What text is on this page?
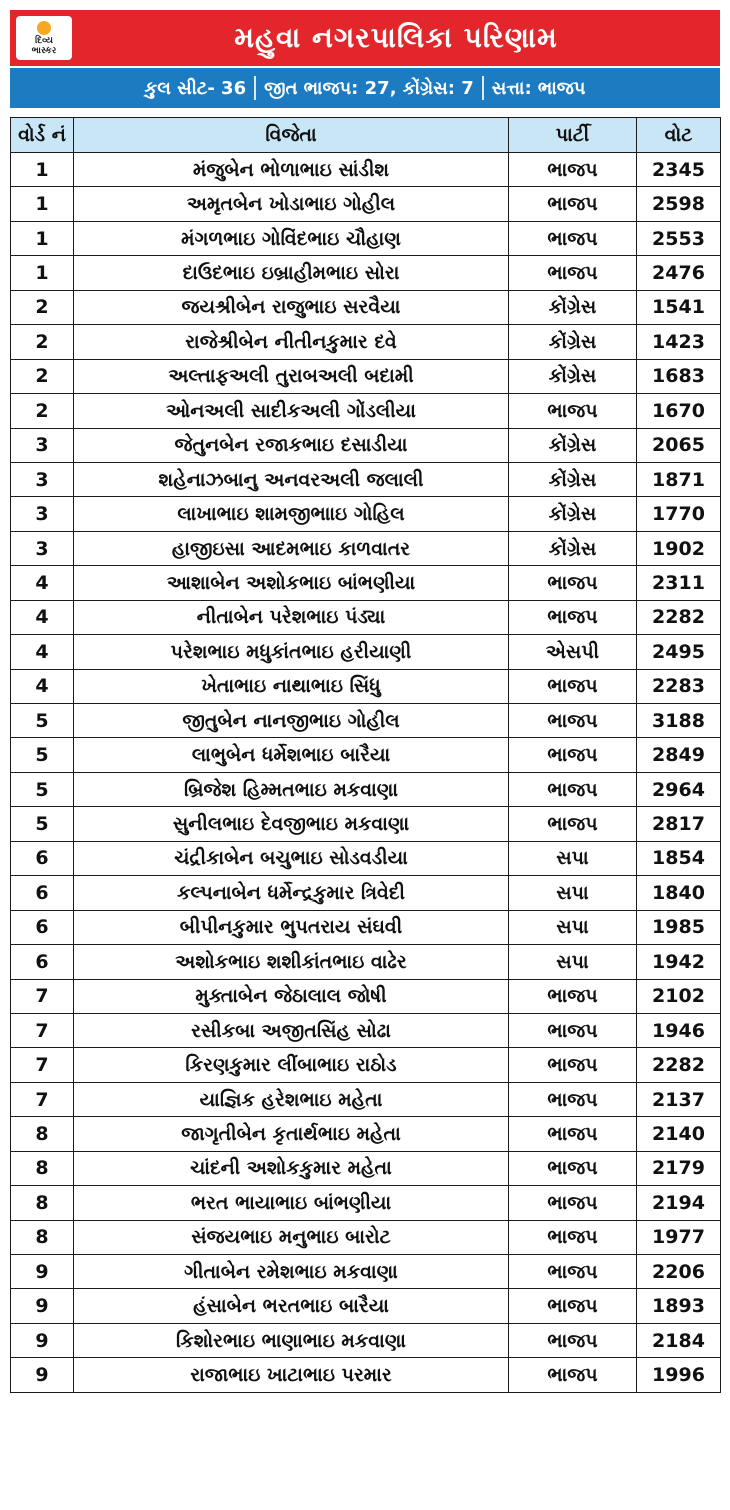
દિવ્ય
ભાસ્કર	મહુવા નગરપાલિકા પરિણામ
કુલ સીટ- 36 જીત ભાજપ: 27, કોંગ્રેસ: 7 સત્તા: ભાજપ
વોર્ડ નં	વિજેતા	પાર્ટી	વોટ
1	મંજુબેન ભોળાભાઇ સાંડીશ	ભાજપ	2345
1	અમૃતબેન ખોડાભાઇ ગોહીલ	ભાજપ	2598
1	મંગળભાઇ ગોવિંદભાઇ ચૌહાણ	ભાજપ	2553
1	દાઉદભાઇ ઇબ્રાહીમભાઇ સોરા	ભાજપ	2476
2	જયશ્રીબેન રાજુભાઇ સરવૈયા	કોંગ્રેસ	1541
2	રાજેશ્રીબેન નીતીનકુમાર દવે	કોંગ્રેસ	1423
2	અલ્તાફઅલી તુરાબઅલી બદામી	કોંગ્રેસ	1683
2	ઓનઅલી સાદીકઅલી ગોંડલીયા	ભાજપ	1670
3	જેતુનબેન રજાકભાઇ દસાડીયા	કોંગ્રેસ	2065
3	શહેનાઝબાનુ અનવરઅલી જલાલી	કોંગ્રેસ	1871
3	લાખાભાઇ શામજીભાાઇ ગોહિલ	કોંગ્રેસ	1770
3	હાજીઇસા આદમભાઇ કાળવાતર	કોંગ્રેસ	1902
4	આશાબેન અશોકભાઇ બાંભણીયા	ભાજપ	2311
4	નીતાબેન પરેશભાઇ પંડ્યા	ભાજપ	2282
4	પરેશભાઇ મધુકાંતભાઇ હરીયાણી	એસપી	2495
4	ખેતાભાઇ નાથાભાઇ સિંધુ	ભાજપ	2283
5	જીતુબેન નાનજીભાઇ ગોહીલ	ભાજપ	3188
5	લાભુબેન ધર્મેશભાઇ બારૈયા	ભાજપ	2849
5	બ્રિજેશ હિમ્મતભાઇ મકવાણા	ભાજપ	2964
5	સુનીલભાઇ દેવજીભાઇ મકવાણા	ભાજપ	2817
6	ચંદ્રીકાબેન બચુભાઇ સોડવડીયા	સપા	1854
6	કલ્પનાબેન ધર્મેન્દ્રકુમાર ત્રિવેદી	સપા	1840
6	બીપીનકુમાર ભુપતરાય સંઘવી	સપા	1985
6	અશોકભાઇ શશીકાંતભાઇ વાઢેર	સપા	1942
7	મુક્તાબેન જેઠાલાલ જોષી	ભાજપ	2102
7	રસીકબા અજીતસિંહ સોઢા	ભાજપ	1946
7	કિરણકુમાર લીંબાભાઇ રાઠોડ	ભાજપ	2282
7	યાજ્ઞિક હરેશભાઇ મહેતા	ભાજપ	2137
8	જાગૃતીબેન કૃતાર્થભાઇ મહેતા	ભાજપ	2140
8	ચાંદની અશોકકુમાર મહેતા	ભાજપ	2179
8	ભરત ભાયાભાઇ બાંભણીયા	ભાજપ	2194
8	સંજયભાઇ મનુભાઇ બારોટ	ભાજપ	1977
9	ગીતાબેન રમેશભાઇ મકવાણા	ભાજપ	2206
9	હંસાબેન ભરતભાઇ બારૈયા	ભાજપ	1893
9	કિશોરભાઇ ભાણાભાઇ મકવાણા	ભાજપ	2184
9	રાજાભાઇ ખાટાભાઇ પરમાર	ભાજપ	1996
